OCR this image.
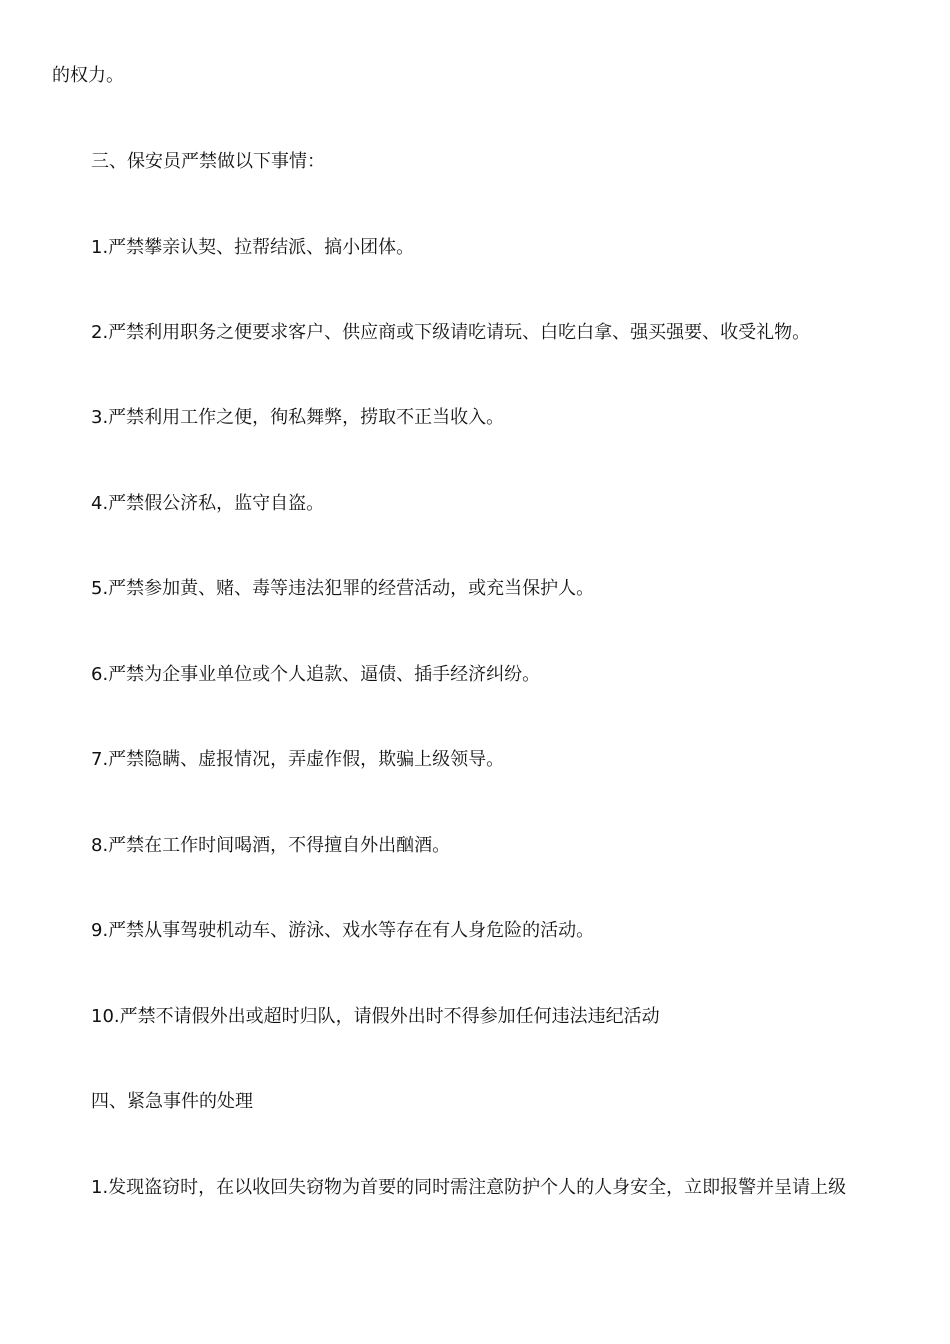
的权力。
三、保安员严禁做以下事情：
1.严禁攀亲认契、拉帮结派、搞小团体。
2.严禁利用职务之便要求客户、供应商或下级请吃请玩、白吃白拿、强买强要、收受礼物。
3.严禁利用工作之便，徇私舞弊，捞取不正当收入。
4.严禁假公济私，监守自盗。
5.严禁参加黄、赌、毒等违法犯罪的经营活动，或充当保护人。
6.严禁为企事业单位或个人追款、逼债、插手经济纠纷。
7.严禁隐瞒、虚报情况，弄虚作假，欺骗上级领导。
8.严禁在工作时间喝酒，不得擅自外出酗酒。
9.严禁从事驾驶机动车、游泳、戏水等存在有人身危险的活动。
10.严禁不请假外出或超时归队，请假外出时不得参加任何违法违纪活动
四、紧急事件的处理
1.发现盗窃时，在以收回失窃物为首要的同时需注意防护个人的人身安全，立即报警并呈请上级
